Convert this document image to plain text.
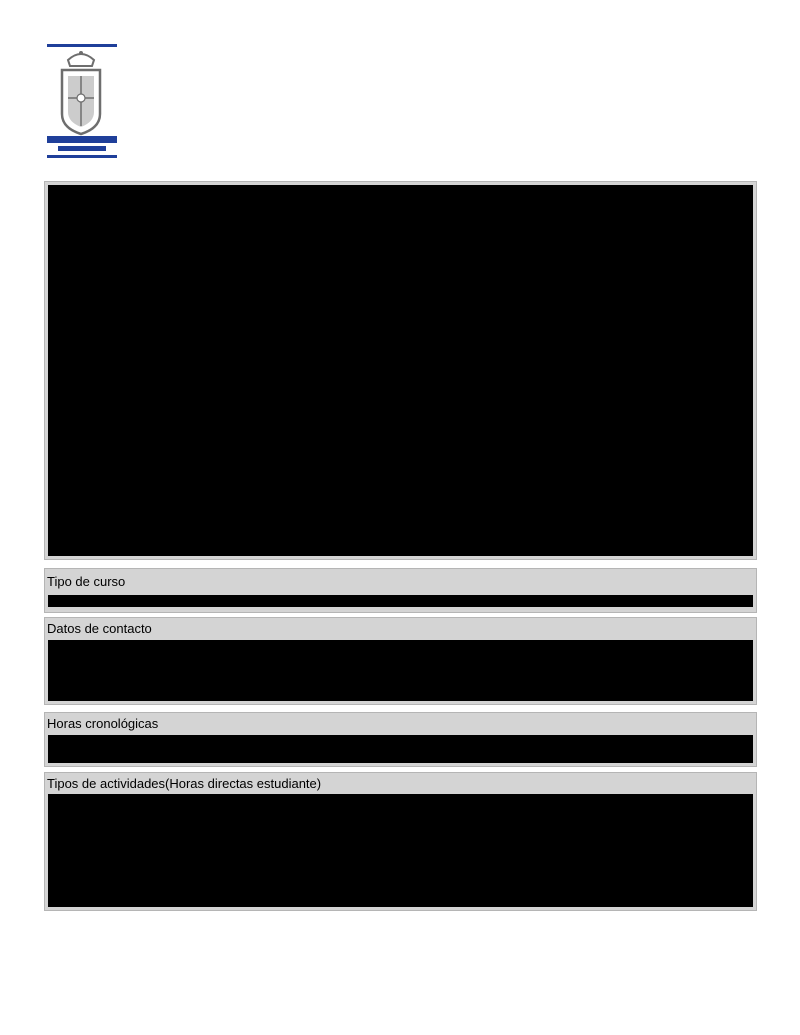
Tipo de curso
Datos de contacto
Horas cronológicas
Tipos de actividades(Horas directas estudiante)
